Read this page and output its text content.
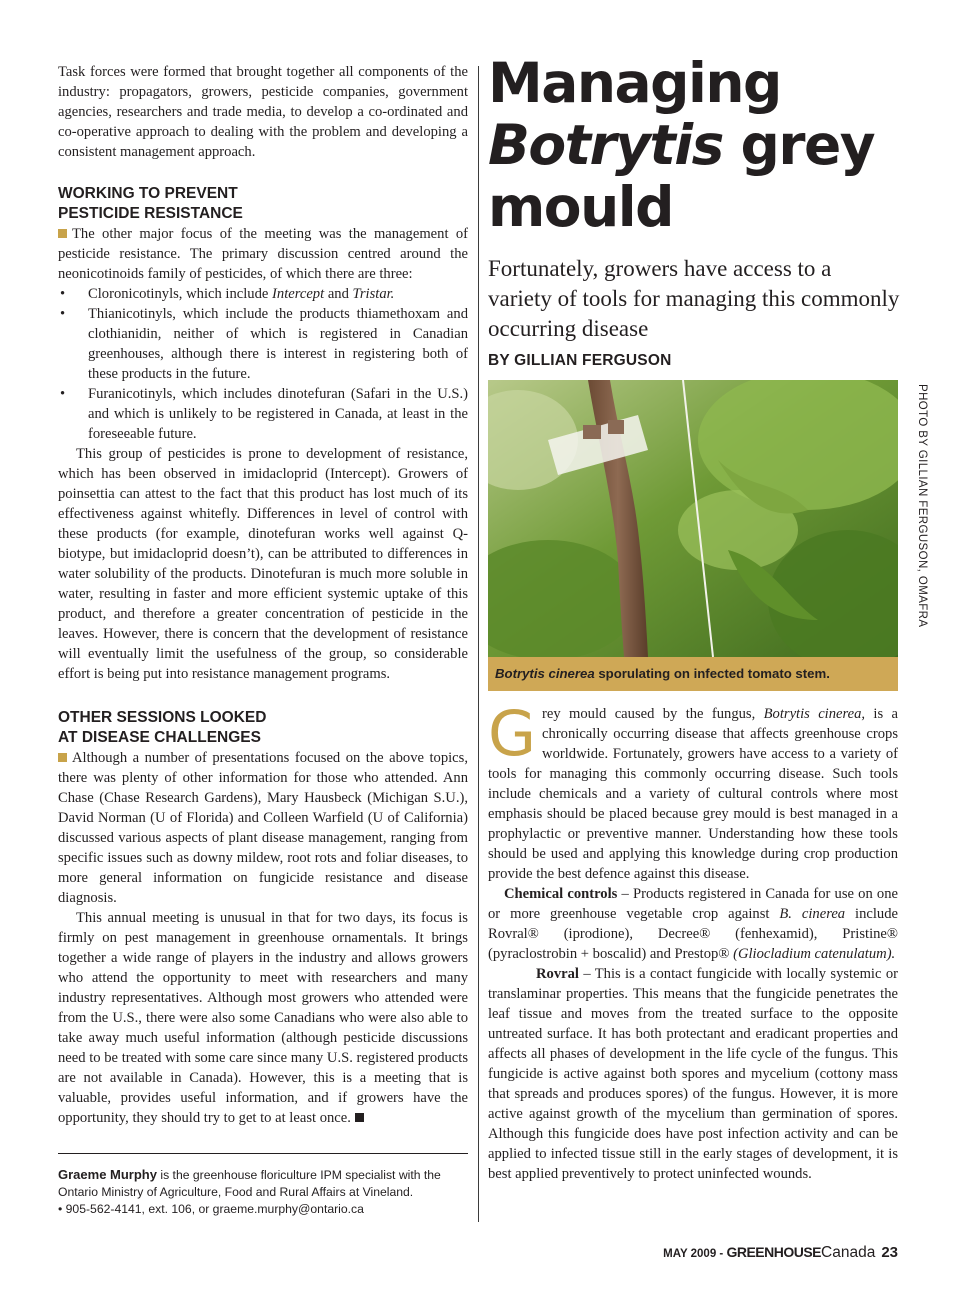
Task forces were formed that brought together all components of the industry: propagators, growers, pesticide companies, government agencies, researchers and trade media, to develop a co-ordinated and co-operative approach to dealing with the problem and developing a consistent management approach.

WORKING TO PREVENT PESTICIDE RESISTANCE

The other major focus of the meeting was the management of pesticide resistance. The primary discussion centred around the neonicotinoids family of pesticides, of which there are three:

• Cloronicotinyls, which include Intercept and Tristar.
• Thianicotinyls, which include the products thiamethoxam and clothianidin, neither of which is registered in Canadian greenhouses, although there is interest in registering both of these products in the future.
• Furanicotinyls, which includes dinotefuran (Safari in the U.S.) and which is unlikely to be registered in Canada, at least in the foreseeable future.

This group of pesticides is prone to development of resistance, which has been observed in imidacloprid (Intercept). Growers of poinsettia can attest to the fact that this product has lost much of its effectiveness against whitefly. Differences in level of control with these products (for example, dinotefuran works well against Q-biotype, but imidacloprid doesn’t), can be attributed to differences in water solubility of the products. Dinotefuran is much more soluble in water, resulting in faster and more efficient systemic uptake of this product, and therefore a greater concentration of pesticide in the leaves. However, there is concern that the development of resistance will eventually limit the usefulness of the group, so considerable effort is being put into resistance management programs.

OTHER SESSIONS LOOKED AT DISEASE CHALLENGES

Although a number of presentations focused on the above topics, there was plenty of other information for those who attended. Ann Chase (Chase Research Gardens), Mary Hausbeck (Michigan S.U.), David Norman (U of Florida) and Colleen Warfield (U of California) discussed various aspects of plant disease management, ranging from specific issues such as downy mildew, root rots and foliar diseases, to more general information on fungicide resistance and disease diagnosis.

This annual meeting is unusual in that for two days, its focus is firmly on pest management in greenhouse ornamentals. It brings together a wide range of players in the industry and allows growers who attend the opportunity to meet with researchers and many industry representatives. Although most growers who attended were from the U.S., there were also some Canadians who were also able to take away much useful information (although pesticide discussions need to be treated with some care since many U.S. registered products are not available in Canada). However, this is a meeting that is valuable, provides useful information, and if growers have the opportunity, they should try to get to at least once.

Graeme Murphy is the greenhouse floriculture IPM specialist with the Ontario Ministry of Agriculture, Food and Rural Affairs at Vineland.
• 905-562-4141, ext. 106, or graeme.murphy@ontario.ca
Managing
Botrytis grey
mould
Fortunately, growers have access to a variety of tools for managing this commonly occurring disease
BY GILLIAN FERGUSON
PHOTO BY GILLIAN FERGUSON, OMAFRA
Botrytis cinerea sporulating on infected tomato stem.

Grey mould caused by the fungus, Botrytis cinerea, is a chronically occurring disease that affects greenhouse crops worldwide. Fortunately, growers have access to a variety of tools for managing this commonly occurring disease. Such tools include chemicals and a variety of cultural controls where most emphasis should be placed because grey mould is best managed in a prophylactic or preventive manner. Understanding how these tools should be used and applying this knowledge during crop production provide the best defence against this disease.

Chemical controls – Products registered in Canada for use on one or more greenhouse vegetable crop against B. cinerea include Rovral® (iprodione), Decree® (fenhexamid), Pristine® (pyraclostrobin + boscalid) and Prestop® (Gliocladium catenulatum).

Rovral – This is a contact fungicide with locally systemic or translaminar properties. This means that the fungicide penetrates the leaf tissue and moves from the treated surface to the opposite untreated surface. It has both protectant and eradicant properties and affects all phases of development in the life cycle of the fungus. This fungicide is active against both spores and mycelium (cottony mass that spreads and produces spores) of the fungus. However, it is more active against growth of the mycelium than germination of spores. Although this fungicide does have post infection activity and can be applied to infected tissue still in the early stages of development, it is best applied preventively to protect uninfected wounds.

MAY 2009 - GREENHOUSECanada 23
